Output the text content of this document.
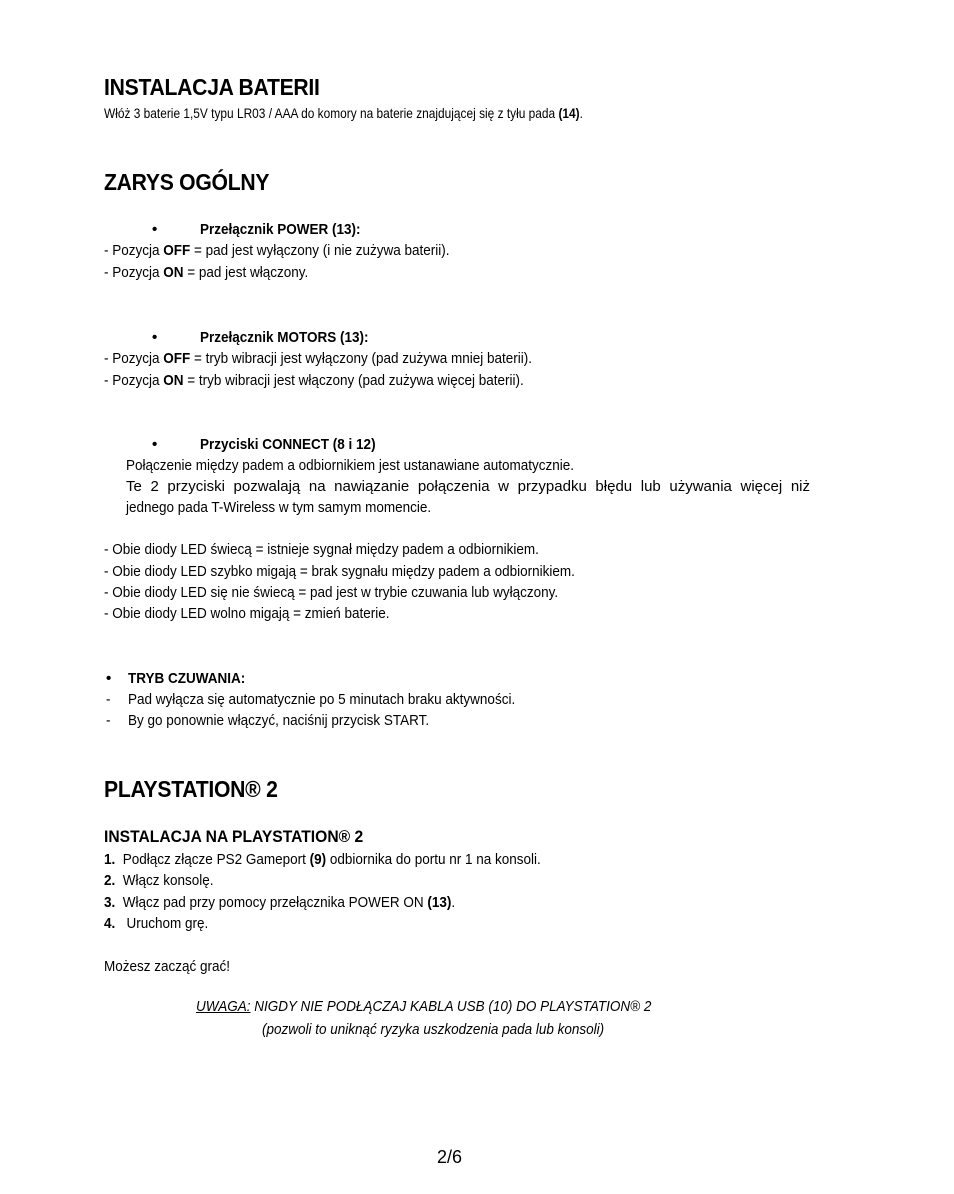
INSTALACJA BATERII
Włóż 3 baterie 1,5V typu LR03 / AAA do komory na baterie znajdującej się z tyłu pada (14).
ZARYS OGÓLNY
•	Przełącznik POWER (13):
- Pozycja OFF = pad jest wyłączony (i nie zużywa baterii).
- Pozycja ON = pad jest włączony.
•	Przełącznik MOTORS (13):
- Pozycja OFF = tryb wibracji jest wyłączony (pad zużywa mniej baterii).
- Pozycja ON = tryb wibracji jest włączony (pad zużywa więcej baterii).
•	Przyciski CONNECT (8 i 12)
Połączenie między padem a odbiornikiem jest ustanawiane automatycznie.
Te 2 przyciski pozwalają na nawiązanie połączenia w przypadku błędu lub używania więcej niż
jednego pada T-Wireless w tym samym momencie.
- Obie diody LED świecą = istnieje sygnał między padem a odbiornikiem.
- Obie diody LED szybko migają = brak sygnału między padem a odbiornikiem.
- Obie diody LED się nie świecą = pad jest w trybie czuwania lub wyłączony.
- Obie diody LED wolno migają = zmień baterie.
• TRYB CZUWANIA:
- Pad wyłącza się automatycznie po 5 minutach braku aktywności.
- By go ponownie włączyć, naciśnij przycisk START.
PLAYSTATION® 2
INSTALACJA NA PLAYSTATION® 2
1. Podłącz złącze PS2 Gameport (9) odbiornika do portu nr 1 na konsoli.
2. Włącz konsolę.
3. Włącz pad przy pomocy przełącznika POWER ON (13).
4. Uruchom grę.
Możesz zacząć grać!
UWAGA: NIGDY NIE PODŁĄCZAJ KABLA USB (10) DO PLAYSTATION® 2
(pozwoli to uniknąć ryzyka uszkodzenia pada lub konsoli)
2/6
